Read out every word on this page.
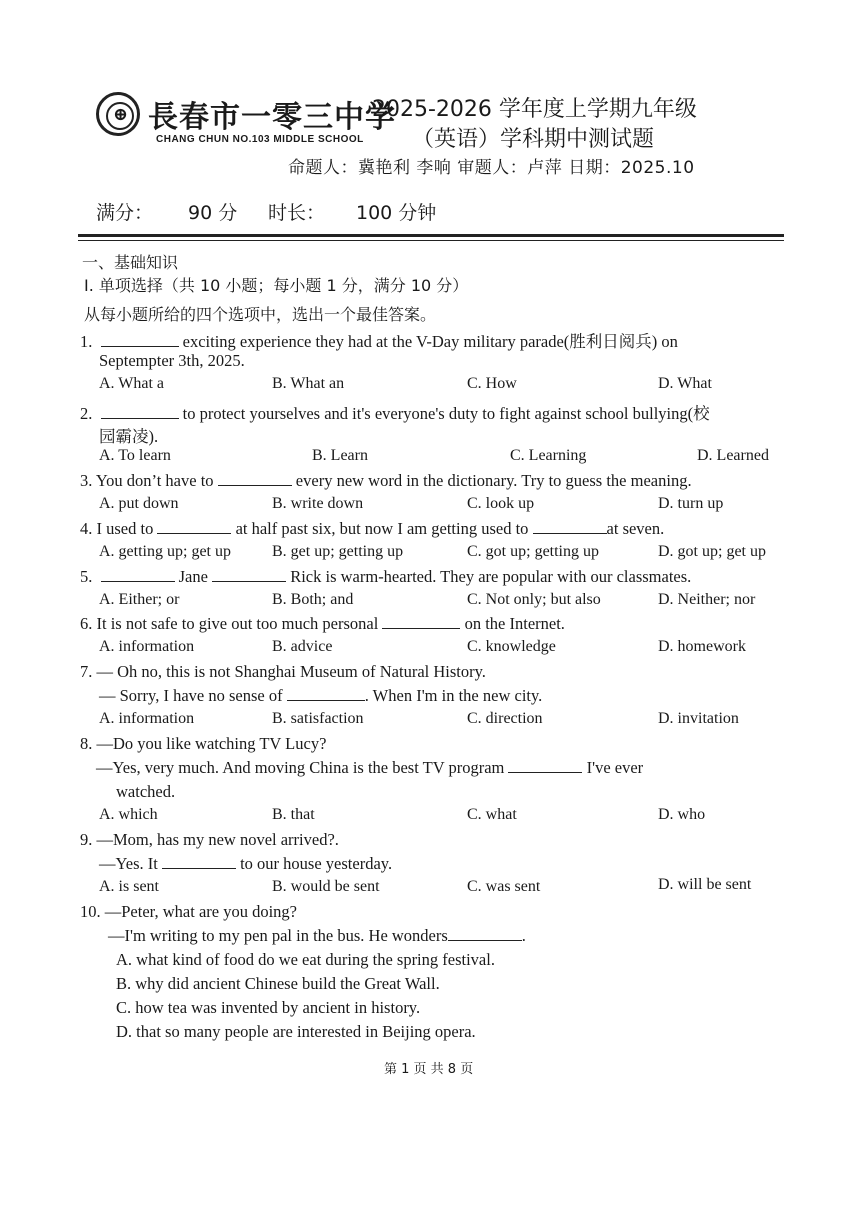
⊕ 長春市一零三中学
CHANG CHUN NO.103 MIDDLE SCHOOL
2025-2026 学年度上学期九年级
（英语）学科期中测试题
命题人：冀艳利 李响 审题人：卢萍 日期：2025.10
满分： 90 分 时长： 100 分钟
一、基础知识
I. 单项选择（共 10 小题；每小题 1 分，满分 10 分）
从每小题所给的四个选项中，选出一个最佳答案。
1.	exciting experience they had at the V-Day military parade(胜利日阅兵) on
Septempter 3th, 2025.
A. What a	B. What an	C. How	D. What
2.	to protect yourselves and it's everyone's duty to fight against school bullying(校
园霸凌).
A. To learn	B. Learn	C. Learning	D. Learned
3. You don’t have to	every new word in the dictionary. Try to guess the meaning.
A. put down	B. write down	C. look up	D. turn up
4. I used to	at half past six, but now I am getting used to	at seven.
A. getting up; get up	B. get up; getting up	C. got up; getting up	D. got up; get up
5.	Jane	Rick is warm-hearted. They are popular with our classmates.
A. Either; or	B. Both; and	C. Not only; but also	D. Neither; nor
6. It is not safe to give out too much personal	on the Internet.
A. information	B. advice	C. knowledge	D. homework
7. — Oh no, this is not Shanghai Museum of Natural History.
— Sorry, I have no sense of	. When I'm in the new city.
A. information	B. satisfaction	C. direction	D. invitation
8. —Do you like watching TV Lucy?
—Yes, very much. And moving China is the best TV program	I've ever
watched.
A. which	B. that	C. what	D. who
9. —Mom, has my new novel arrived?.
—Yes. It	to our house yesterday.
A. is sent	B. would be sent	C. was sent	D. will be sent
10. —Peter, what are you doing?
—I'm writing to my pen pal in the bus. He wonders	.
A. what kind of food do we eat during the spring festival.
B. why did ancient Chinese build the Great Wall.
C. how tea was invented by ancient in history.
D. that so many people are interested in Beijing opera.
第 1 页 共 8 页
